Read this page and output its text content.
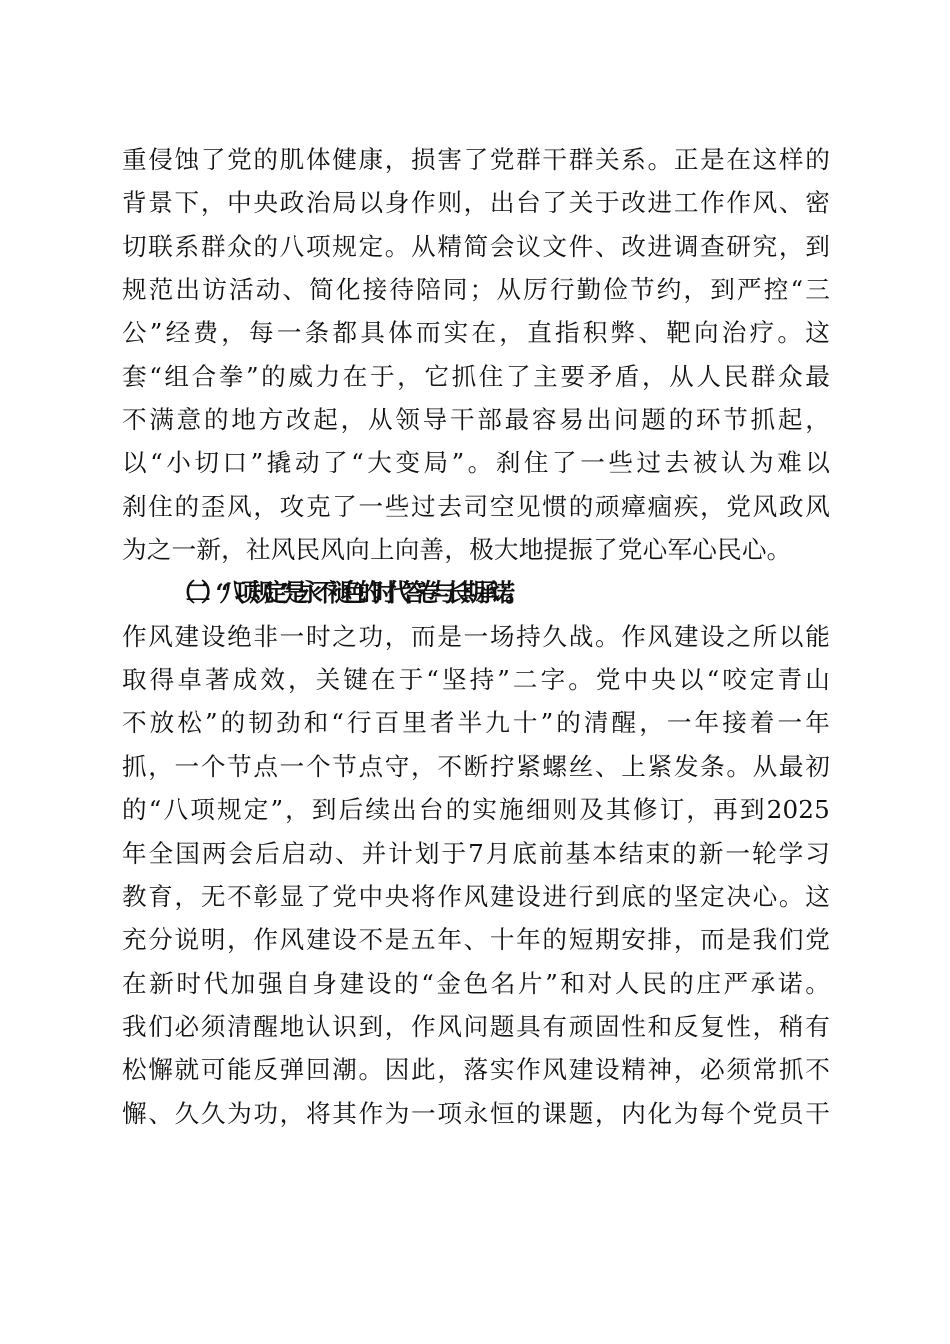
重侵蚀了党的肌体健康，损害了党群干群关系。正是在这样的
背景下，中央政治局以身作则，出台了关于改进工作作风、密
切联系群众的八项规定。从精简会议文件、改进调查研究，到
规范出访活动、简化接待陪同；从厉行勤俭节约，到严控“三
公”经费，每一条都具体而实在，直指积弊、靶向治疗。这
套“组合拳”的威力在于，它抓住了主要矛盾，从人民群众最
不满意的地方改起，从领导干部最容易出问题的环节抓起，
以“小切口”撬动了“大变局”。刹住了一些过去被认为难以
刹住的歪风，攻克了一些过去司空见惯的顽瘴痼疾，党风政风
为之一新，社风民风向上向善，极大地提振了党心军心民心。
（二）“八项规定”是永不褪色的时代答卷与长期承诺。
作风建设绝非一时之功，而是一场持久战。作风建设之所以能
取得卓著成效，关键在于“坚持”二字。党中央以“咬定青山
不放松”的韧劲和“行百里者半九十”的清醒，一年接着一年
抓，一个节点一个节点守，不断拧紧螺丝、上紧发条。从最初
的“八项规定”，到后续出台的实施细则及其修订，再到2025
年全国两会后启动、并计划于7月底前基本结束的新一轮学习
教育，无不彰显了党中央将作风建设进行到底的坚定决心。这
充分说明，作风建设不是五年、十年的短期安排，而是我们党
在新时代加强自身建设的“金色名片”和对人民的庄严承诺。
我们必须清醒地认识到，作风问题具有顽固性和反复性，稍有
松懈就可能反弹回潮。因此，落实作风建设精神，必须常抓不
懈、久久为功，将其作为一项永恒的课题，内化为每个党员干
